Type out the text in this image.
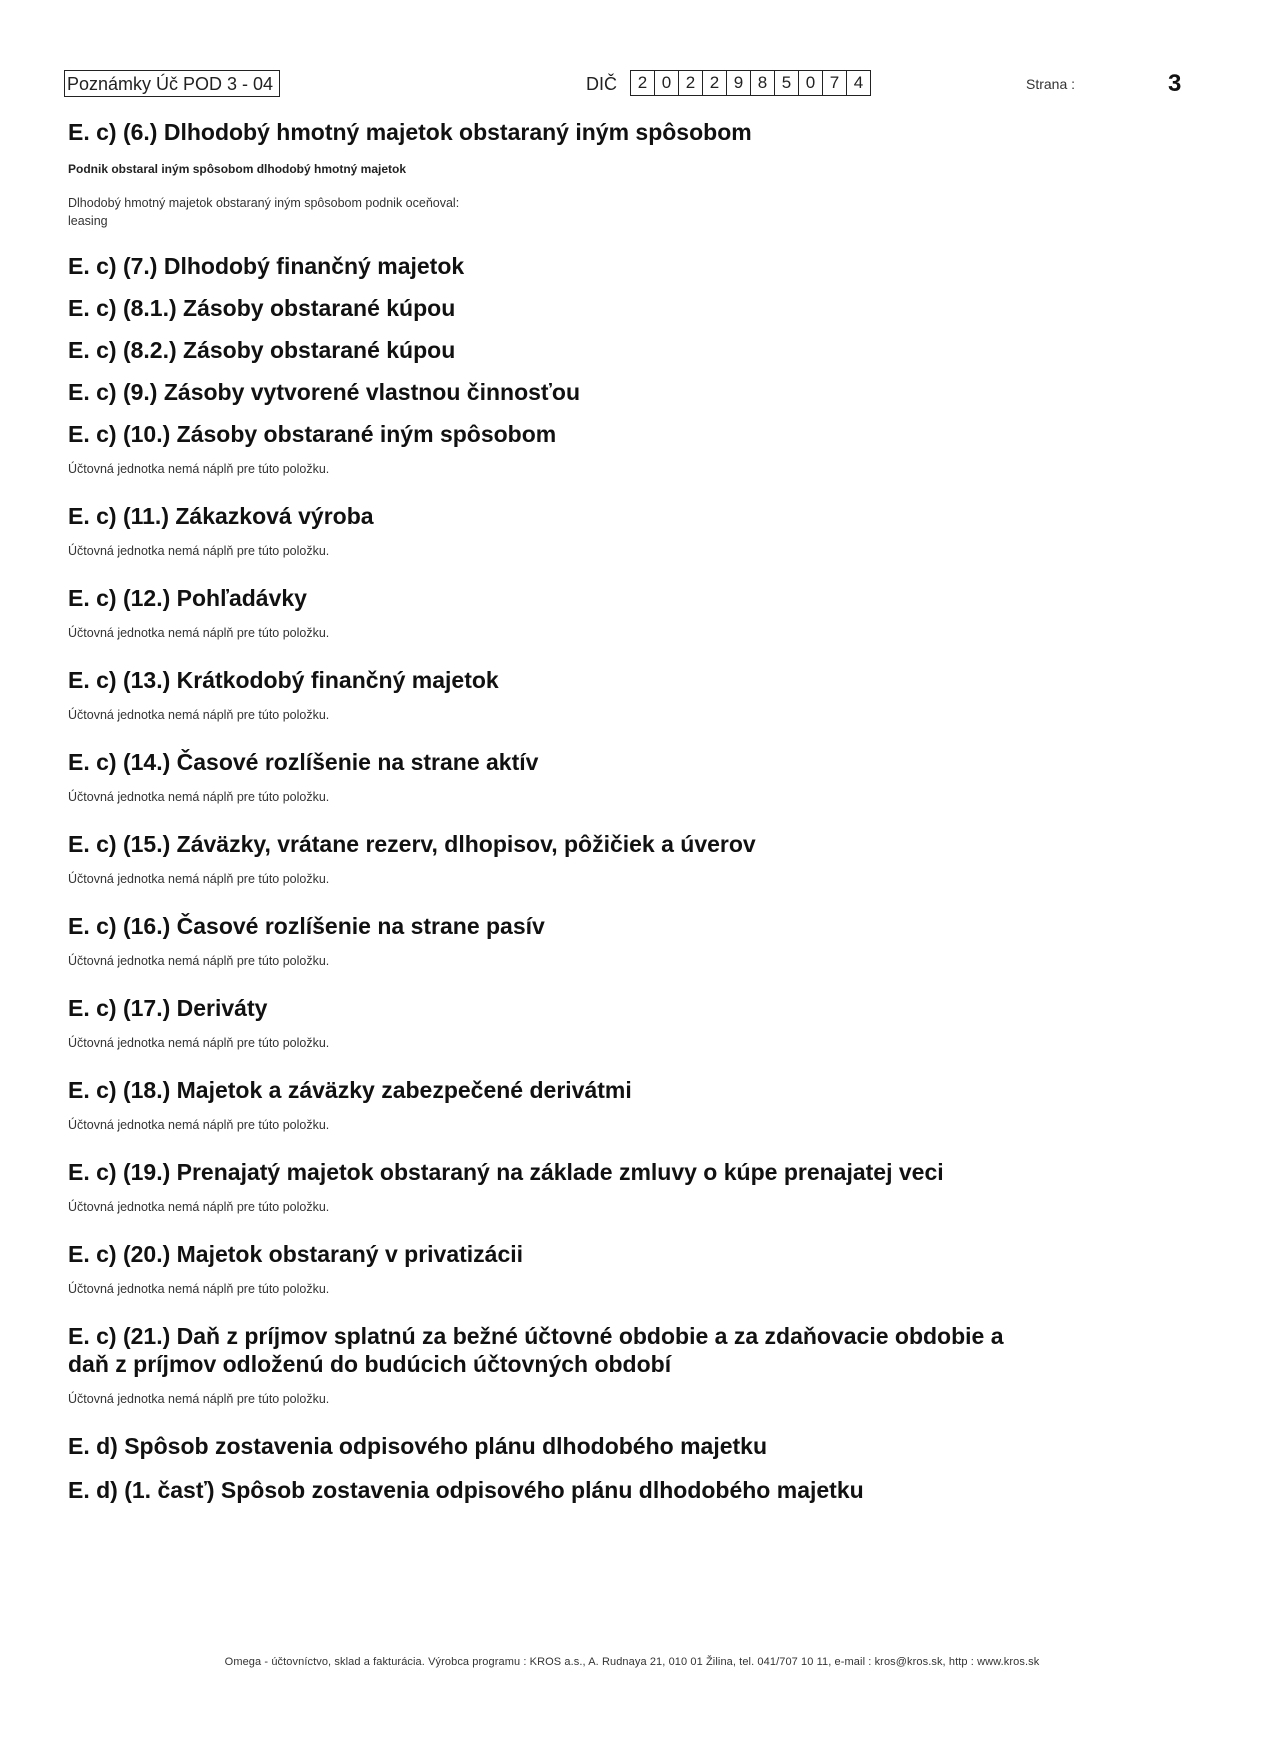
Poznámky Úč POD 3 - 04	DIČ	2 0 2 2 9 8 5 0 7 4	Strana :	3
E. c) (6.) Dlhodobý hmotný majetok obstaraný iným spôsobom
Podnik obstaral iným spôsobom dlhodobý hmotný majetok
Dlhodobý hmotný majetok obstaraný iným spôsobom podnik oceňoval:
leasing
E. c) (7.) Dlhodobý finančný majetok
E. c) (8.1.) Zásoby obstarané kúpou
E. c) (8.2.) Zásoby obstarané kúpou
E. c) (9.) Zásoby vytvorené vlastnou činnosťou
E. c) (10.) Zásoby obstarané iným spôsobom
Účtovná jednotka nemá náplň pre túto položku.
E. c) (11.) Zákazková výroba
Účtovná jednotka nemá náplň pre túto položku.
E. c) (12.) Pohľadávky
Účtovná jednotka nemá náplň pre túto položku.
E. c) (13.) Krátkodobý finančný majetok
Účtovná jednotka nemá náplň pre túto položku.
E. c) (14.) Časové rozlíšenie na strane aktív
Účtovná jednotka nemá náplň pre túto položku.
E. c) (15.) Záväzky, vrátane rezerv, dlhopisov, pôžičiek a úverov
Účtovná jednotka nemá náplň pre túto položku.
E. c) (16.) Časové rozlíšenie na strane pasív
Účtovná jednotka nemá náplň pre túto položku.
E. c) (17.) Deriváty
Účtovná jednotka nemá náplň pre túto položku.
E. c) (18.) Majetok a záväzky zabezpečené derivátmi
Účtovná jednotka nemá náplň pre túto položku.
E. c) (19.) Prenajatý majetok obstaraný na základe zmluvy o kúpe prenajatej veci
Účtovná jednotka nemá náplň pre túto položku.
E. c) (20.) Majetok obstaraný v privatizácii
Účtovná jednotka nemá náplň pre túto položku.
E. c) (21.) Daň z príjmov splatnú za bežné účtovné obdobie a za zdaňovacie obdobie a
daň z príjmov odloženú do budúcich účtovných období
Účtovná jednotka nemá náplň pre túto položku.
E. d) Spôsob zostavenia odpisového plánu dlhodobého majetku
E. d) (1. časť) Spôsob zostavenia odpisového plánu dlhodobého majetku
Omega - účtovníctvo, sklad a fakturácia. Výrobca programu : KROS a.s., A. Rudnaya 21, 010 01 Žilina, tel. 041/707 10 11, e-mail : kros@kros.sk, http : www.kros.sk
